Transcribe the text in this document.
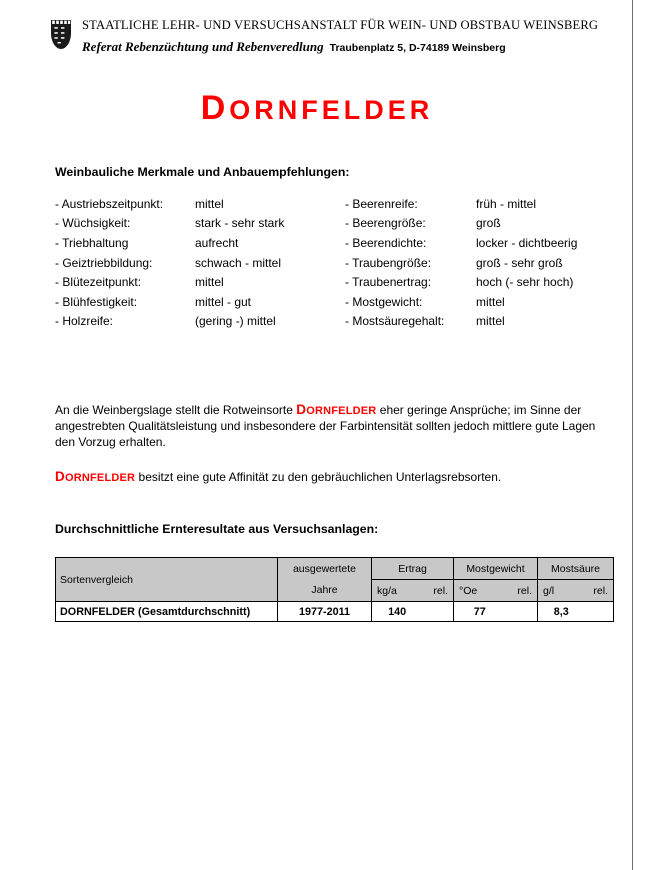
STAATLICHE LEHR- UND VERSUCHSANSTALT FÜR WEIN- UND OBSTBAU WEINSBERG
Referat Rebenzüchtung und Rebenveredlung Traubenplatz 5, D-74189 Weinsberg
DORNFELDER
Weinbauliche Merkmale und Anbauempfehlungen:
- Austriebszeitpunkt:	mittel
- Wüchsigkeit:	stark - sehr stark
- Triebhaltung	aufrecht
- Geiztriebbildung:	schwach - mittel
- Blütezeitpunkt:	mittel
- Blühfestigkeit:	mittel - gut
- Holzreife:	(gering -) mittel
- Beerenreife:	früh - mittel
- Beerengröße:	groß
- Beerendichte:	locker - dichtbeerig
- Traubengröße:	groß - sehr groß
- Traubenertrag:	hoch (- sehr hoch)
- Mostgewicht:	mittel
- Mostsäuregehalt:	mittel

An die Weinbergslage stellt die Rotweinsorte DORNFELDER eher geringe Ansprüche; im Sinne der angestrebten Qualitätsleistung und insbesondere der Farbintensität sollten jedoch mittlere gute Lagen den Vorzug erhalten.

DORNFELDER besitzt eine gute Affinität zu den gebräuchlichen Unterlagsrebsorten.

Durchschnittliche Ernteresultate aus Versuchsanlagen:
Sortenvergleich	ausgewertete	Ertrag	Mostgewicht	Mostsäure
	Jahre	kg/a rel.	°Oe rel.	g/l rel.

DORNFELDER (Gesamtdurchschnitt)	1977-2011	140	77	8,3
